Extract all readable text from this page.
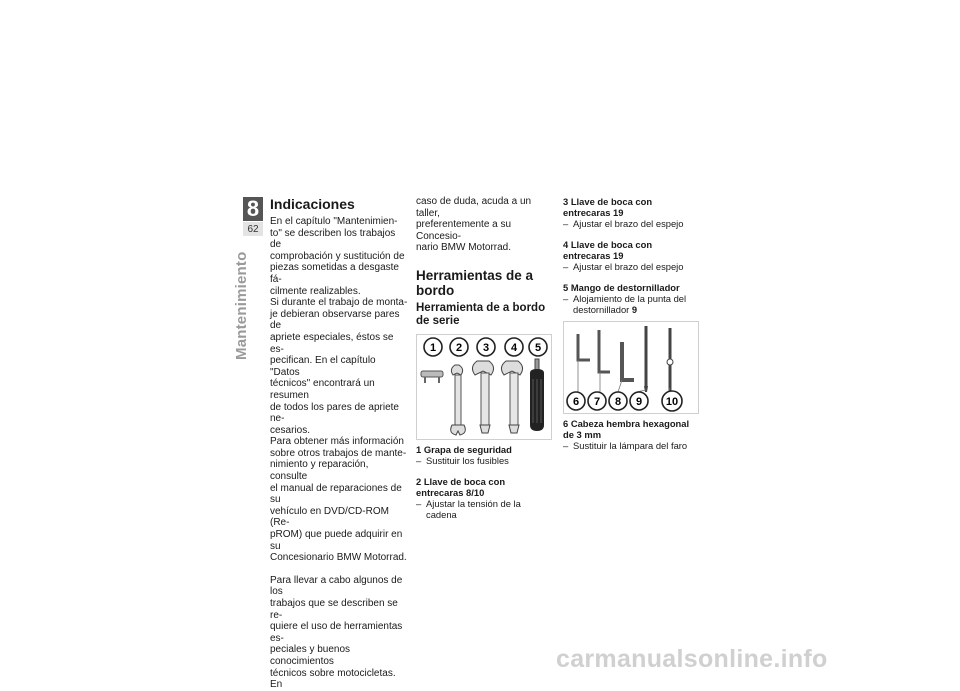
8
62
Mantenimiento
Indicaciones

En el capítulo "Mantenimien-

to" se describen los trabajos de

comprobación y sustitución de

piezas sometidas a desgaste fá-

cilmente realizables.

Si durante el trabajo de monta-

je debieran observarse pares de

apriete especiales, éstos se es-

pecifican. En el capítulo "Datos

técnicos" encontrará un resumen

de todos los pares de apriete ne-

cesarios.

Para obtener más información

sobre otros trabajos de mante-

nimiento y reparación, consulte

el manual de reparaciones de su

vehículo en DVD/CD-ROM (Re-

pROM) que puede adquirir en su

Concesionario BMW Motorrad.

Para llevar a cabo algunos de los

trabajos que se describen se re-

quiere el uso de herramientas es-

peciales y buenos conocimientos

técnicos sobre motocicletas. En

caso de duda, acuda a un taller,

preferentemente a su Concesio-

nario BMW Motorrad.

Herramientas de a bordo
Herramienta de a bordo de serie
1 2 3 4 5

1 Grapa de seguridad

– Sustituir los fusibles

2 Llave de boca con entrecaras 8/10

– Ajustar la tensión de la cadena

3 Llave de boca con entrecaras 19

– Ajustar el brazo del espejo

4 Llave de boca con entrecaras 19

– Ajustar el brazo del espejo

5 Mango de destornillador

– Alojamiento de la punta del destornillador 9
6 7 8 9 10

6 Cabeza hembra hexagonal de 3 mm

– Sustituir la lámpara del faro
carmanualsonline.info
